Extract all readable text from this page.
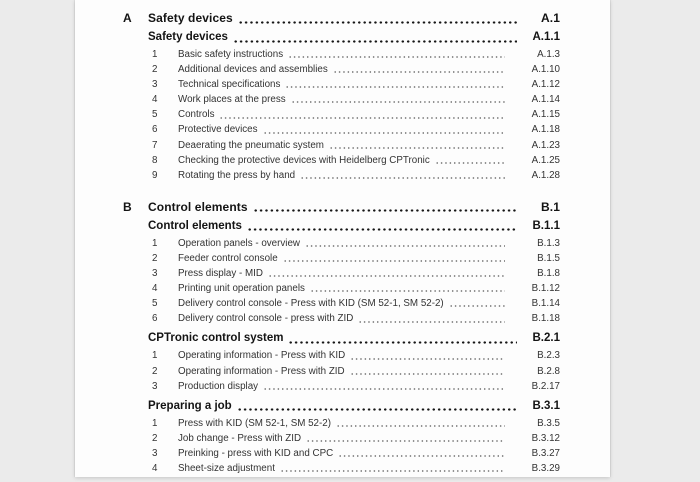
A	Safety devices	A.1
Safety devices	A.1.1
1	Basic safety instructions	A.1.3
2	Additional devices and assemblies	A.1.10
3	Technical specifications	A.1.12
4	Work places at the press	A.1.14
5	Controls	A.1.15
6	Protective devices	A.1.18
7	Deaerating the pneumatic system	A.1.23
8	Checking the protective devices with Heidelberg CPTronic	A.1.25
9	Rotating the press by hand	A.1.28
B	Control elements	B.1
Control elements	B.1.1
1	Operation panels - overview	B.1.3
2	Feeder control console	B.1.5
3	Press display - MID	B.1.8
4	Printing unit operation panels	B.1.12
5	Delivery control console - Press with KID (SM 52-1, SM 52-2)	B.1.14
6	Delivery control console - press with ZID	B.1.18
CPTronic control system	B.2.1
1	Operating information - Press with KID	B.2.3
2	Operating information - Press with ZID	B.2.8
3	Production display	B.2.17
Preparing a job	B.3.1
1	Press with KID (SM 52-1, SM 52-2)	B.3.5
2	Job change - Press with ZID	B.3.12
3	Preinking - press with KID and CPC	B.3.27
4	Sheet-size adjustment	B.3.29
